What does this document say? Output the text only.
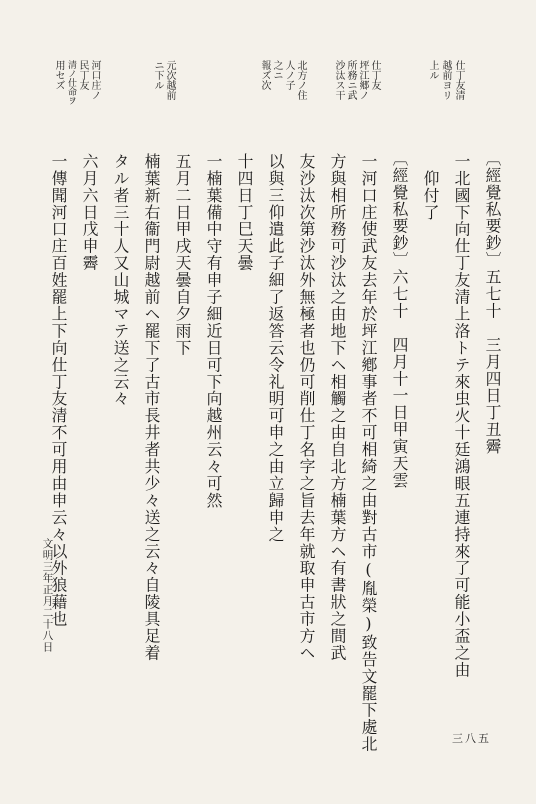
仕丁友清
越前ヨリ
上ル
仕丁友
坪江郷ノ
所務ニ武
沙汰ス干
北方ノ住
人ノ子
之ニ
報ズ次
元次越前
ニ下ル
河口庄ノ
民丁友
清ノ仕命ヲ
用セズ
〔經覺私要鈔〕五七十　三月四日丁丑霽
一北國下向仕丁友清上洛トテ來虫火十廷鴻眼五連持來了可能小盃之由
　仰付了
〔經覺私要鈔〕六七十　四月十一日甲寅天雲
一河口庄使武友去年於坪江鄕事者不可相綺之由對古市(胤榮)致告文罷下處北
方與相所務可沙汰之由地下ヘ相觸之由自北方楠葉方ヘ有書狀之間武
友沙汰次第沙汰外無極者也仍可削仕丁名字之旨去年就取申古市方ヘ
以與三仰遣此子細了返答云令礼明可申之由立歸申之
十四日丁巳天曇
一楠葉備中守有申子細近日可下向越州云々可然
五月二日甲戌天曇自夕雨下
楠葉新右衞門尉越前ヘ罷下了古市長井者共少々送之云々自陵具足着
タル者三十人又山城マテ送之云々
六月六日戊申霽
一傳聞河口庄百姓罷上下向仕丁友清不可用由申云々以外狼藉也
文明三年正月二十八日
三八五
